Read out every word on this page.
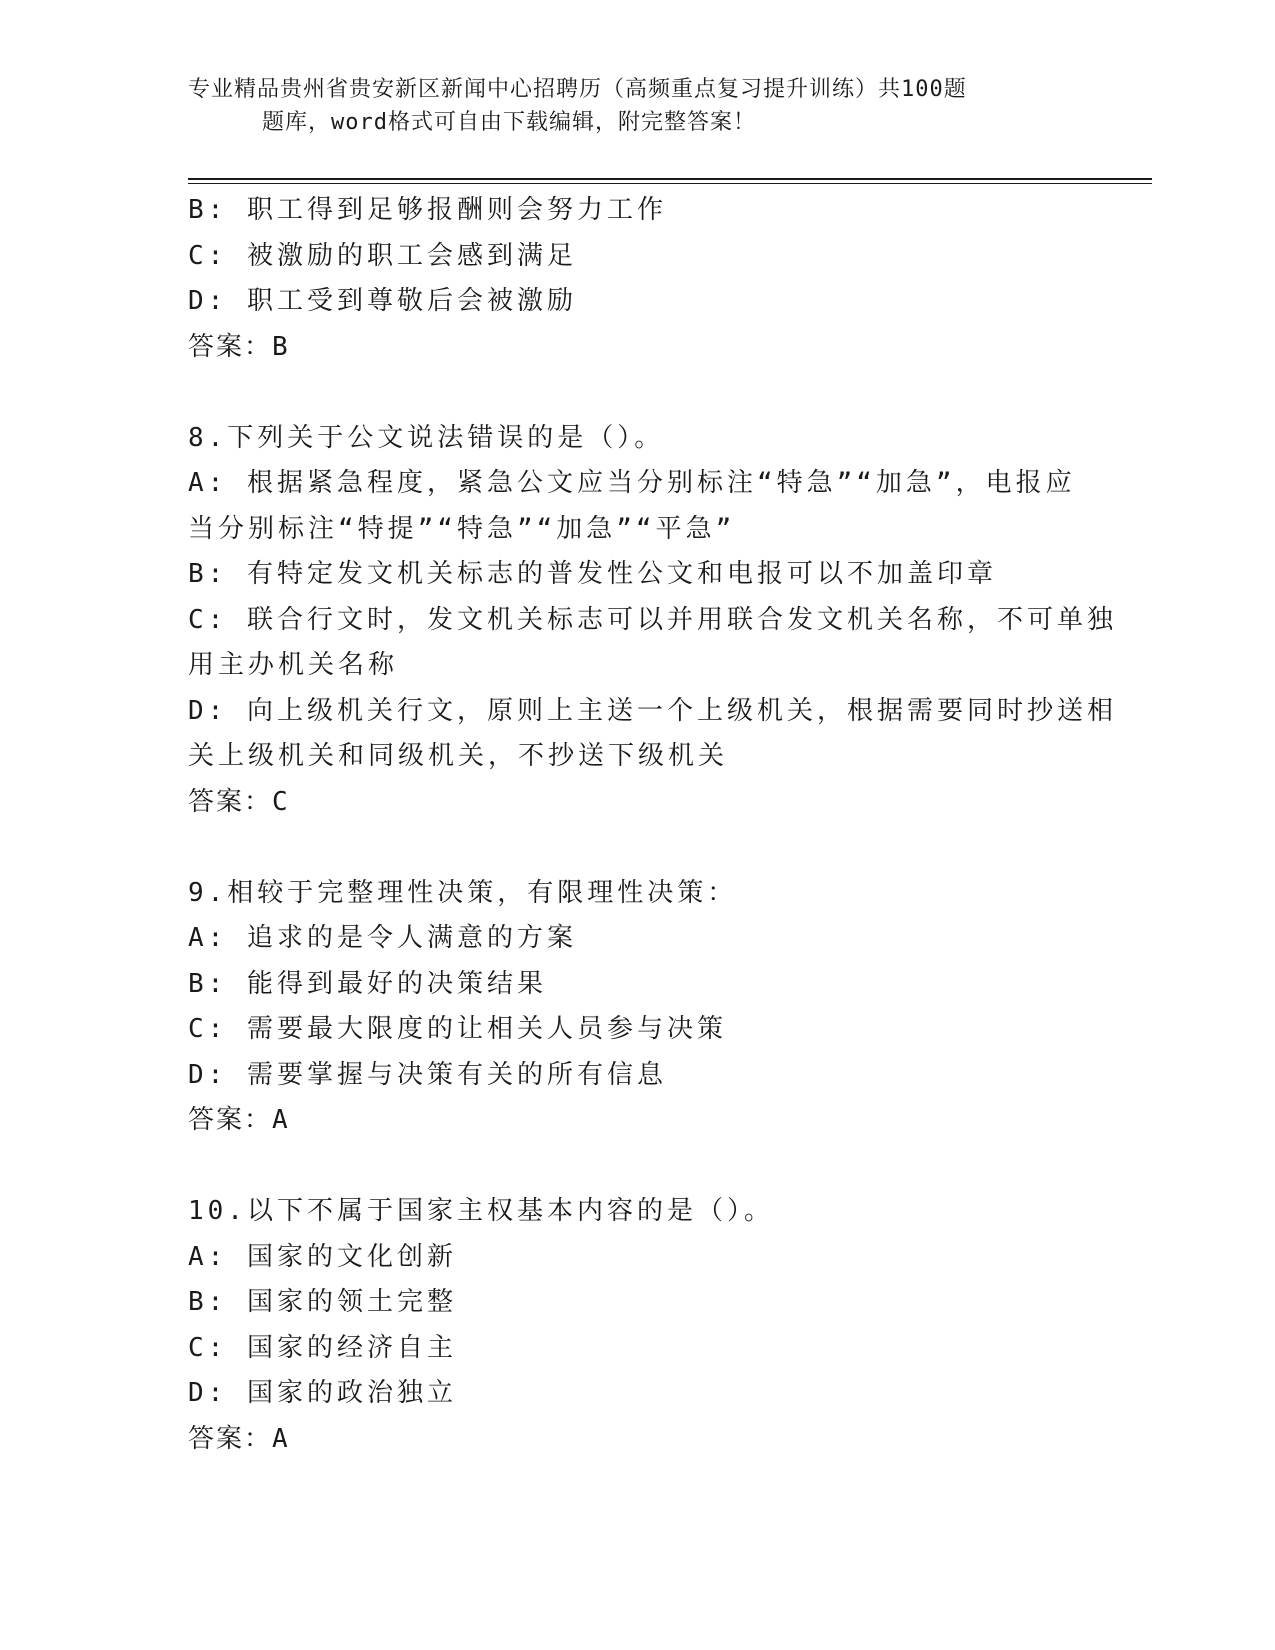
专业精品贵州省贵安新区新闻中心招聘历（高频重点复习提升训练）共100题
题库，word格式可自由下载编辑，附完整答案！
B: 职工得到足够报酬则会努力工作
C: 被激励的职工会感到满足
D: 职工受到尊敬后会被激励
答案：B
8.下列关于公文说法错误的是（）。
A: 根据紧急程度，紧急公文应当分别标注“特急”“加急”，电报应
当分别标注“特提”“特急”“加急”“平急”
B: 有特定发文机关标志的普发性公文和电报可以不加盖印章
C: 联合行文时，发文机关标志可以并用联合发文机关名称，不可单独
用主办机关名称
D: 向上级机关行文，原则上主送一个上级机关，根据需要同时抄送相
关上级机关和同级机关，不抄送下级机关
答案：C
9.相较于完整理性决策，有限理性决策：
A: 追求的是令人满意的方案
B: 能得到最好的决策结果
C: 需要最大限度的让相关人员参与决策
D: 需要掌握与决策有关的所有信息
答案：A
10.以下不属于国家主权基本内容的是（）。
A: 国家的文化创新
B: 国家的领土完整
C: 国家的经济自主
D: 国家的政治独立
答案：A
